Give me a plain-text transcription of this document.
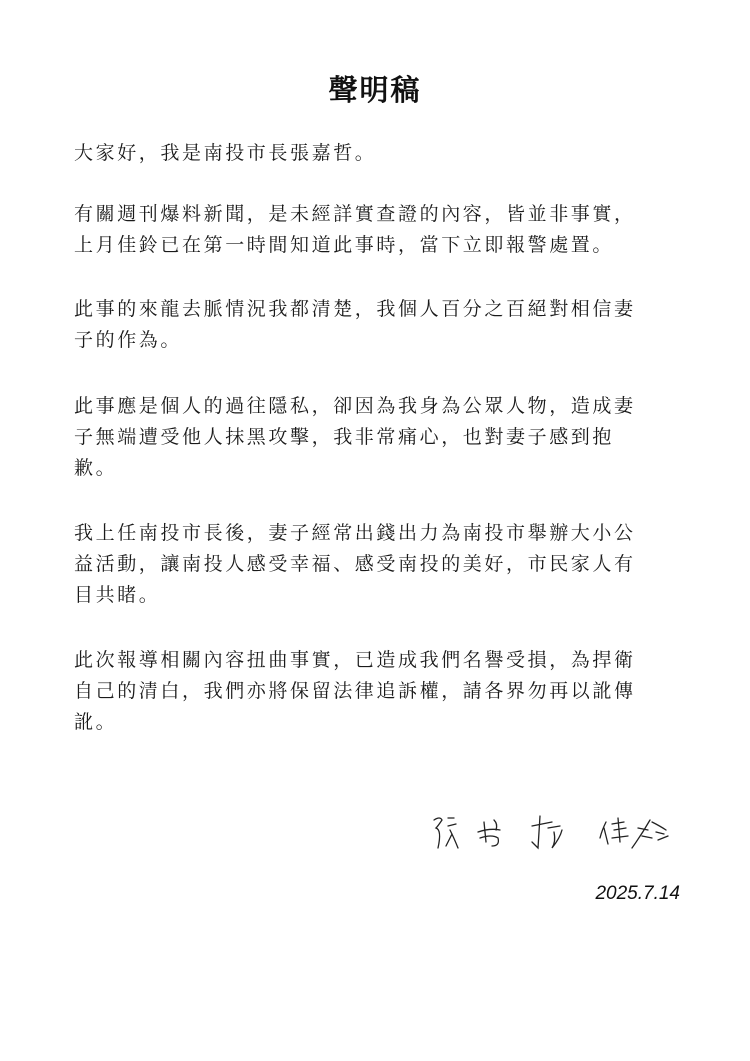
聲明稿

大家好，我是南投市長張嘉哲。

有關週刊爆料新聞，是未經詳實查證的內容，皆並非事實，
上月佳鈴已在第一時間知道此事時，當下立即報警處置。

此事的來龍去脈情況我都清楚，我個人百分之百絕對相信妻
子的作為。

此事應是個人的過往隱私，卻因為我身為公眾人物，造成妻
子無端遭受他人抹黑攻擊，我非常痛心，也對妻子感到抱
歉。

我上任南投市長後，妻子經常出錢出力為南投市舉辦大小公
益活動，讓南投人感受幸福、感受南投的美好，市民家人有
目共睹。

此次報導相關內容扭曲事實，已造成我們名譽受損，為捍衛
自己的清白，我們亦將保留法律追訴權，請各界勿再以訛傳
訛。

2025.7.14
